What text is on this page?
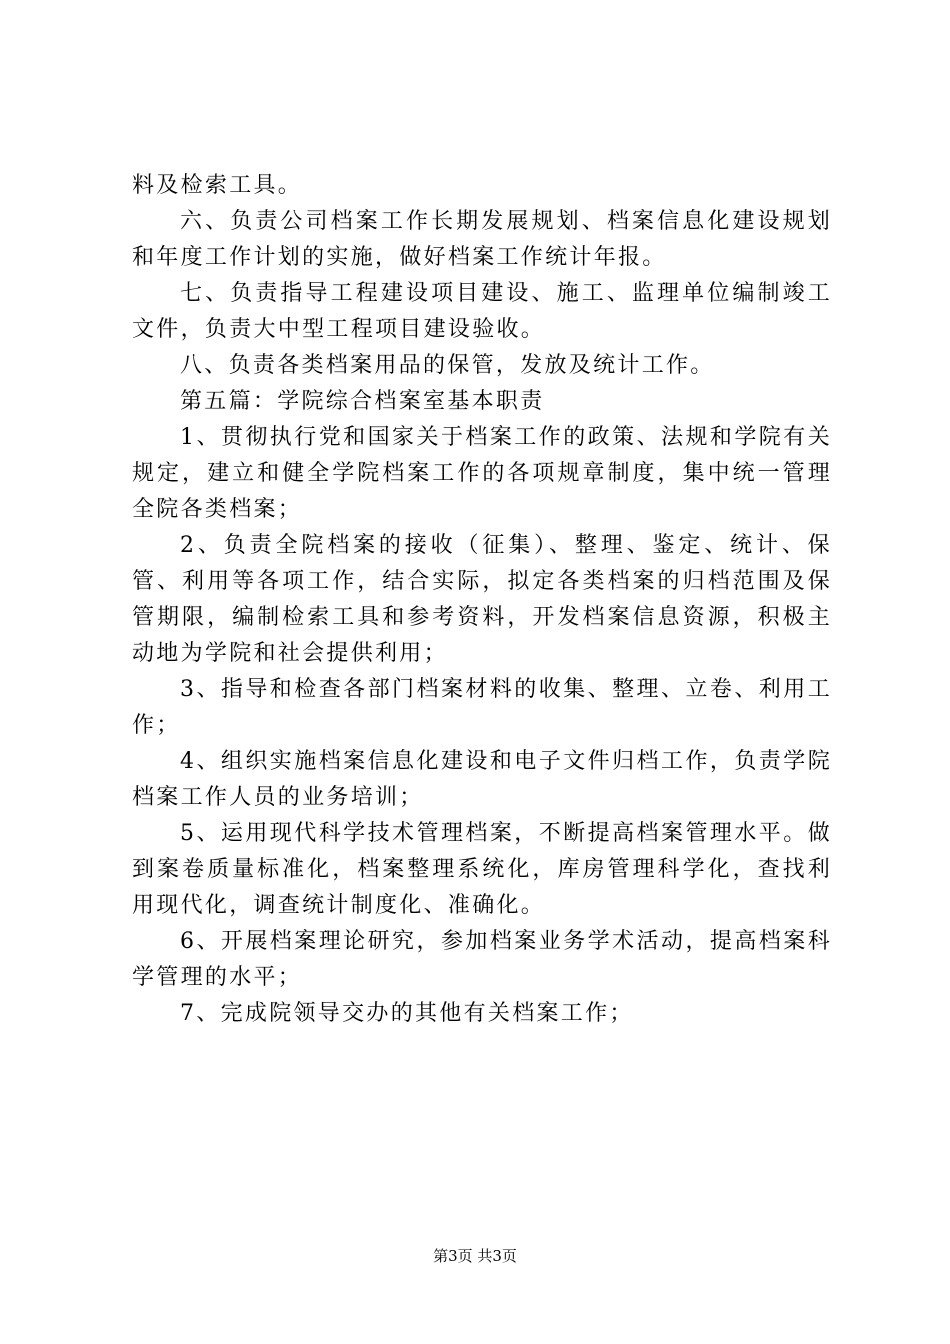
料及检索工具。

六、负责公司档案工作长期发展规划、档案信息化建设规划和年度工作计划的实施，做好档案工作统计年报。

七、负责指导工程建设项目建设、施工、监理单位编制竣工文件，负责大中型工程项目建设验收。

八、负责各类档案用品的保管，发放及统计工作。

第五篇：学院综合档案室基本职责

1、贯彻执行党和国家关于档案工作的政策、法规和学院有关规定，建立和健全学院档案工作的各项规章制度，集中统一管理全院各类档案；

2、负责全院档案的接收（征集）、整理、鉴定、统计、保管、利用等各项工作，结合实际，拟定各类档案的归档范围及保管期限，编制检索工具和参考资料，开发档案信息资源，积极主动地为学院和社会提供利用；

3、指导和检查各部门档案材料的收集、整理、立卷、利用工作；

4、组织实施档案信息化建设和电子文件归档工作，负责学院档案工作人员的业务培训；

5、运用现代科学技术管理档案，不断提高档案管理水平。做到案卷质量标准化，档案整理系统化，库房管理科学化，查找利用现代化，调查统计制度化、准确化。

6、开展档案理论研究，参加档案业务学术活动，提高档案科学管理的水平；

7、完成院领导交办的其他有关档案工作；

第3页 共3页
